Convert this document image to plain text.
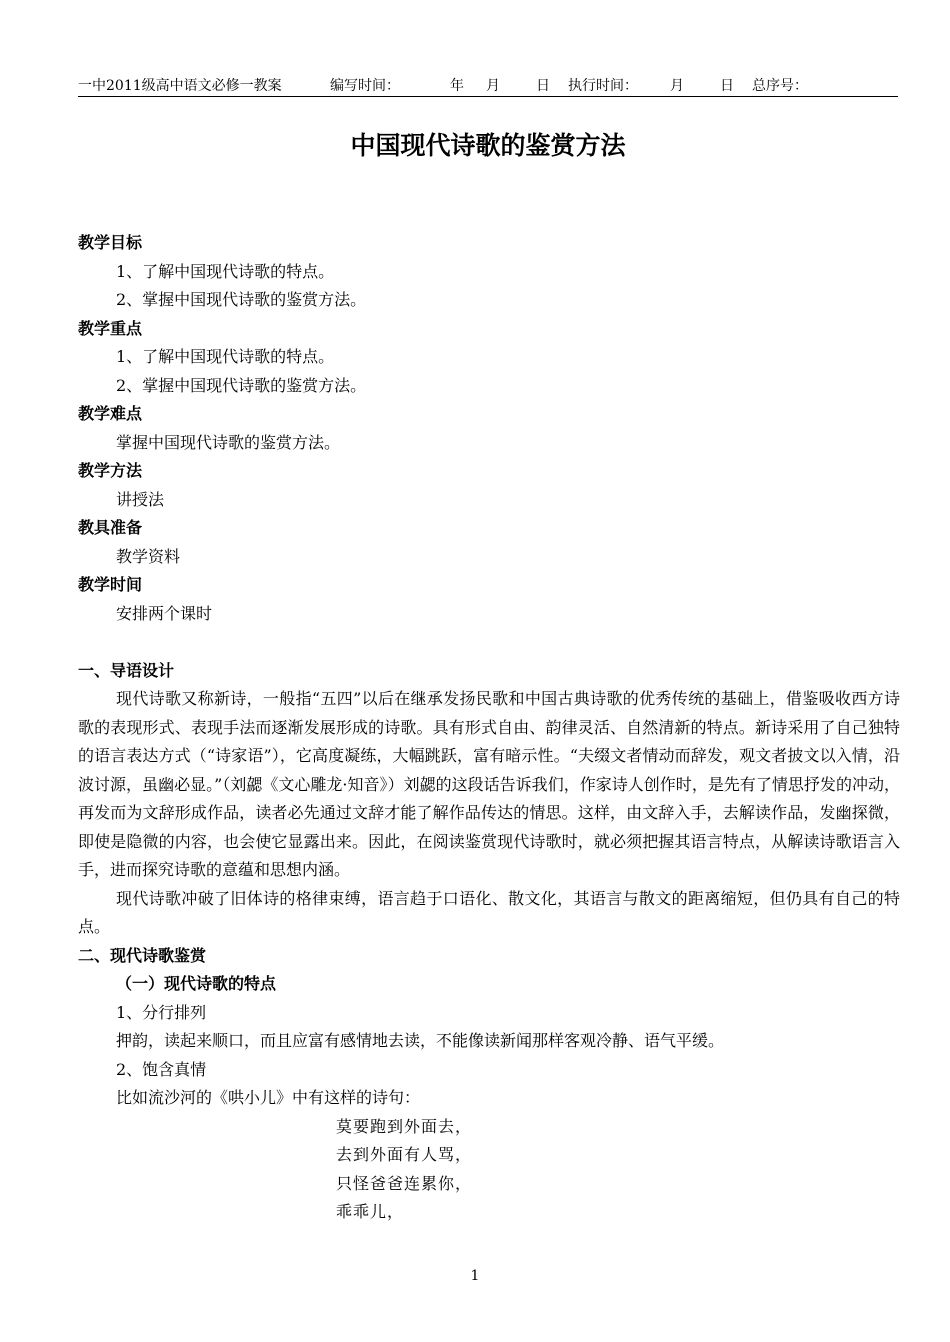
一中2011级高中语文必修一教案	编写时间：	年 月	日 执行时间： 月	日 总序号：
中国现代诗歌的鉴赏方法

教学目标

1、了解中国现代诗歌的特点。

2、掌握中国现代诗歌的鉴赏方法。

教学重点

1、了解中国现代诗歌的特点。

2、掌握中国现代诗歌的鉴赏方法。

教学难点

掌握中国现代诗歌的鉴赏方法。

教学方法

讲授法

教具准备

教学资料

教学时间

安排两个课时

一、导语设计

现代诗歌又称新诗，一般指“五四”以后在继承发扬民歌和中国古典诗歌的优秀传统的基础上，借鉴吸收西方诗歌的表现形式、表现手法而逐渐发展形成的诗歌。具有形式自由、韵律灵活、自然清新的特点。新诗采用了自己独特的语言表达方式（“诗家语”），它高度凝练，大幅跳跃，富有暗示性。“夫缀文者情动而辞发，观文者披文以入情，沿波讨源，虽幽必显。”（刘勰《文心雕龙·知音》）刘勰的这段话告诉我们，作家诗人创作时，是先有了情思抒发的冲动，再发而为文辞形成作品，读者必先通过文辞才能了解作品传达的情思。这样，由文辞入手，去解读作品，发幽探微，即使是隐微的内容，也会使它显露出来。因此，在阅读鉴赏现代诗歌时，就必须把握其语言特点，从解读诗歌语言入手，进而探究诗歌的意蕴和思想内涵。

现代诗歌冲破了旧体诗的格律束缚，语言趋于口语化、散文化，其语言与散文的距离缩短，但仍具有自己的特点。

二、现代诗歌鉴赏

（一）现代诗歌的特点

1、分行排列

押韵，读起来顺口，而且应富有感情地去读，不能像读新闻那样客观冷静、语气平缓。

2、饱含真情

比如流沙河的《哄小儿》中有这样的诗句：

莫要跑到外面去，

去到外面有人骂，

只怪爸爸连累你，

乖乖儿，

1
